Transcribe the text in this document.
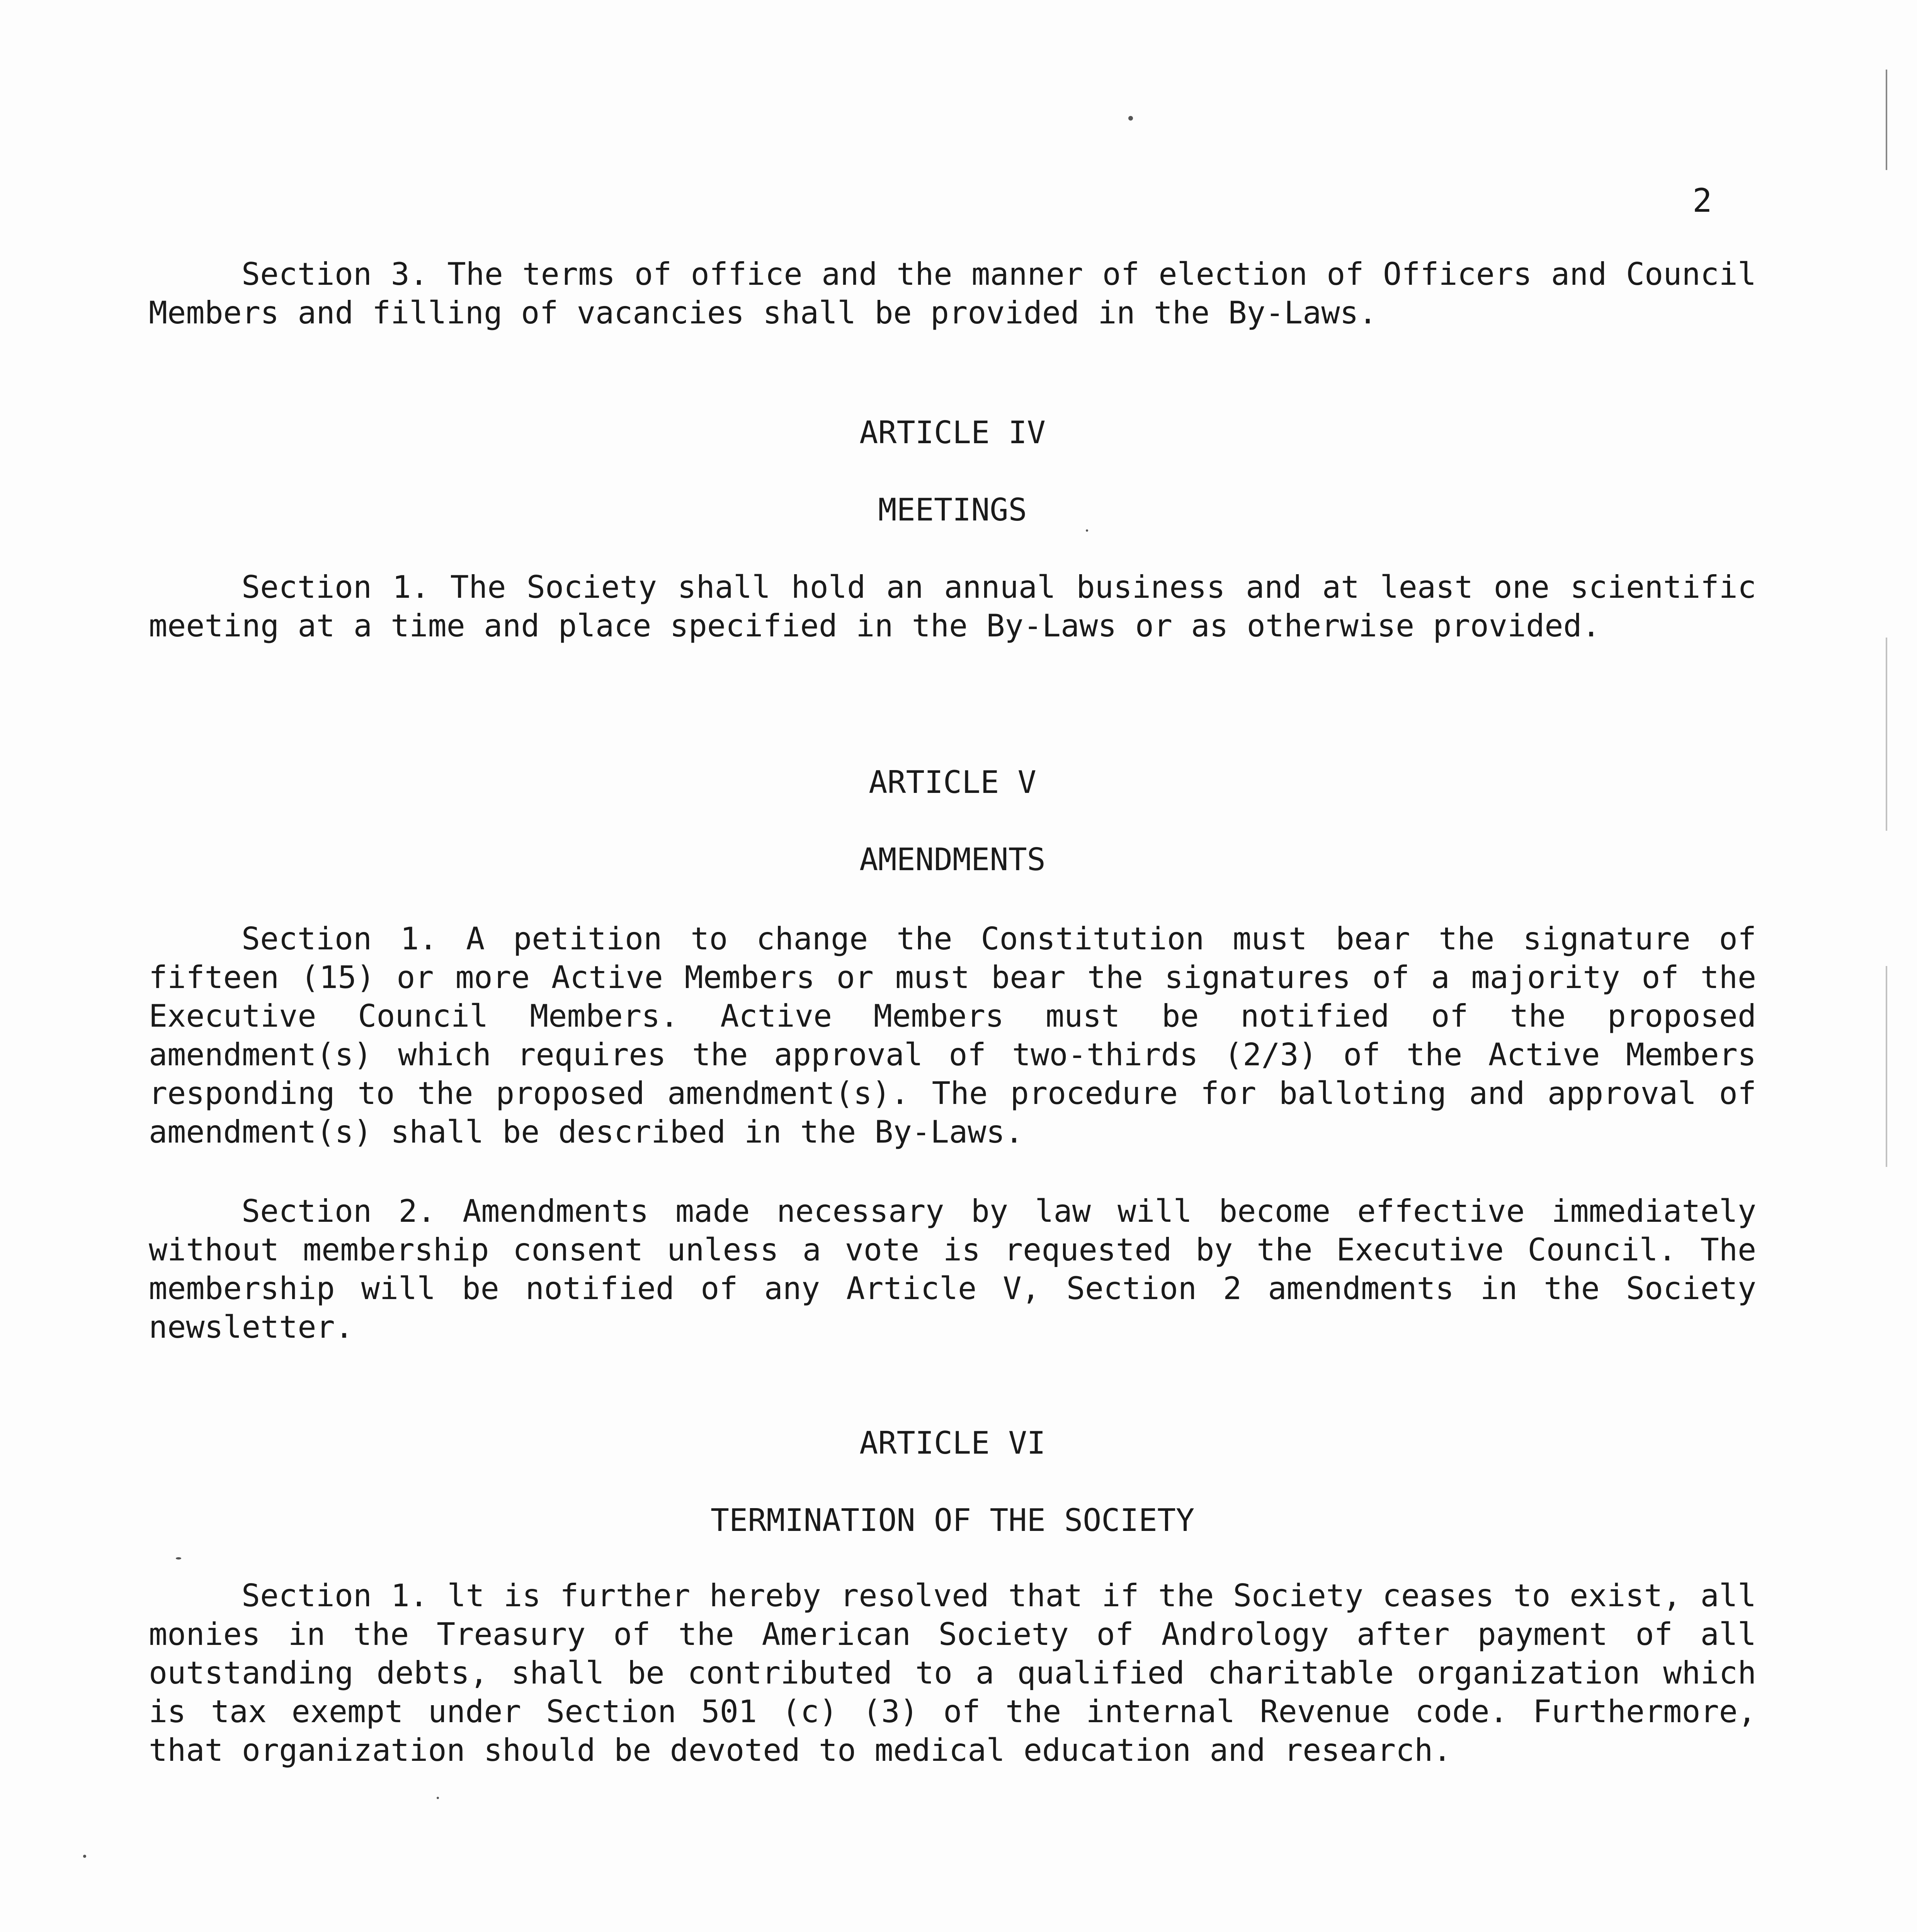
2
Section 3. The terms of office and the manner of election of Officers and Council Members and filling of vacancies shall be provided in the By-Laws.
ARTICLE IV
MEETINGS
Section 1. The Society shall hold an annual business and at least one scientific meeting at a time and place specified in the By-Laws or as otherwise provided.
ARTICLE V
AMENDMENTS
Section 1. A petition to change the Constitution must bear the signature of fifteen (15) or more Active Members or must bear the signatures of a majority of the Executive Council Members. Active Members must be notified of the proposed amendment(s) which requires the approval of two-thirds (2/3) of the Active Members responding to the proposed amendment(s). The procedure for balloting and approval of amendment(s) shall be described in the By-Laws.
Section 2. Amendments made necessary by law will become effective immediately without membership consent unless a vote is requested by the Executive Council. The membership will be notified of any Article V, Section 2 amendments in the Society newsletter.
ARTICLE VI
TERMINATION OF THE SOCIETY
Section 1. lt is further hereby resolved that if the Society ceases to exist, all monies in the Treasury of the American Society of Andrology after payment of all outstanding debts, shall be contributed to a qualified charitable organization which is tax exempt under Section 501 (c) (3) of the internal Revenue code. Furthermore, that organization should be devoted to medical education and research.
